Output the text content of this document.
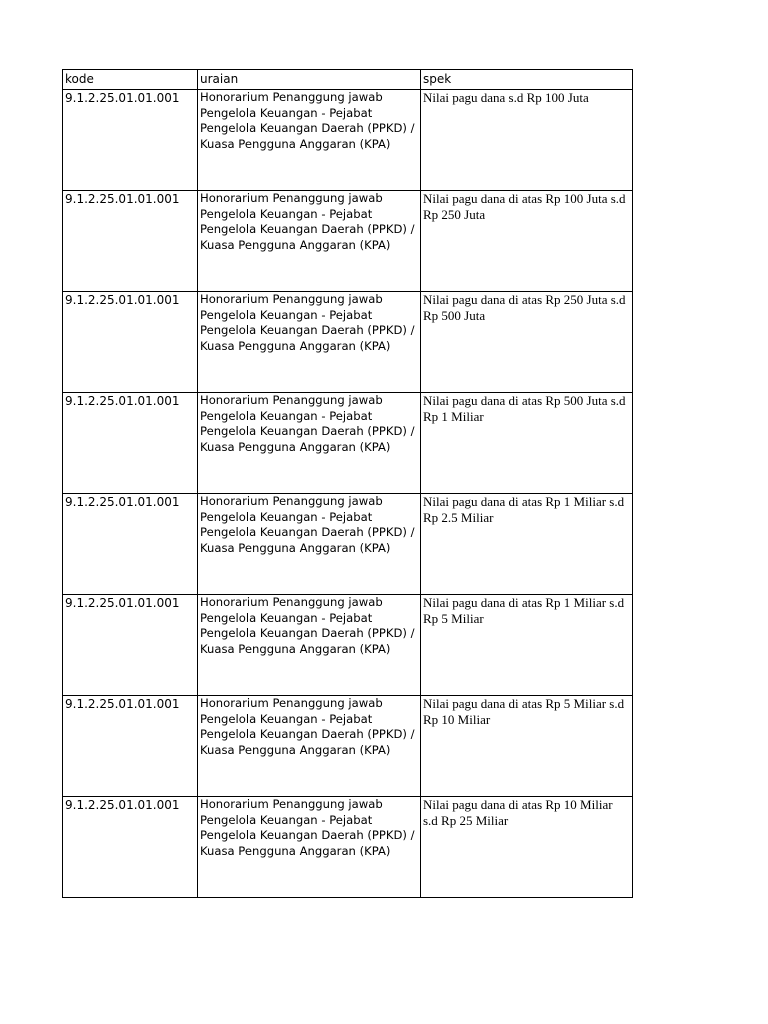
kode	uraian	spek
9.1.2.25.01.01.001	Honorarium Penanggung jawab Pengelola Keuangan - Pejabat Pengelola Keuangan Daerah (PPKD) / Kuasa Pengguna Anggaran (KPA)	Nilai pagu dana s.d Rp 100 Juta
9.1.2.25.01.01.001	Honorarium Penanggung jawab Pengelola Keuangan - Pejabat Pengelola Keuangan Daerah (PPKD) / Kuasa Pengguna Anggaran (KPA)	Nilai pagu dana di atas Rp 100 Juta s.d Rp 250 Juta
9.1.2.25.01.01.001	Honorarium Penanggung jawab Pengelola Keuangan - Pejabat Pengelola Keuangan Daerah (PPKD) / Kuasa Pengguna Anggaran (KPA)	Nilai pagu dana di atas Rp 250 Juta s.d Rp 500 Juta
9.1.2.25.01.01.001	Honorarium Penanggung jawab Pengelola Keuangan - Pejabat Pengelola Keuangan Daerah (PPKD) / Kuasa Pengguna Anggaran (KPA)	Nilai pagu dana di atas Rp 500 Juta s.d Rp 1 Miliar
9.1.2.25.01.01.001	Honorarium Penanggung jawab Pengelola Keuangan - Pejabat Pengelola Keuangan Daerah (PPKD) / Kuasa Pengguna Anggaran (KPA)	Nilai pagu dana di atas Rp 1 Miliar s.d Rp 2.5 Miliar
9.1.2.25.01.01.001	Honorarium Penanggung jawab Pengelola Keuangan - Pejabat Pengelola Keuangan Daerah (PPKD) / Kuasa Pengguna Anggaran (KPA)	Nilai pagu dana di atas Rp 1 Miliar s.d Rp 5 Miliar
9.1.2.25.01.01.001	Honorarium Penanggung jawab Pengelola Keuangan - Pejabat Pengelola Keuangan Daerah (PPKD) / Kuasa Pengguna Anggaran (KPA)	Nilai pagu dana di atas Rp 5 Miliar s.d Rp 10 Miliar
9.1.2.25.01.01.001	Honorarium Penanggung jawab Pengelola Keuangan - Pejabat Pengelola Keuangan Daerah (PPKD) / Kuasa Pengguna Anggaran (KPA)	Nilai pagu dana di atas Rp 10 Miliar s.d Rp 25 Miliar
